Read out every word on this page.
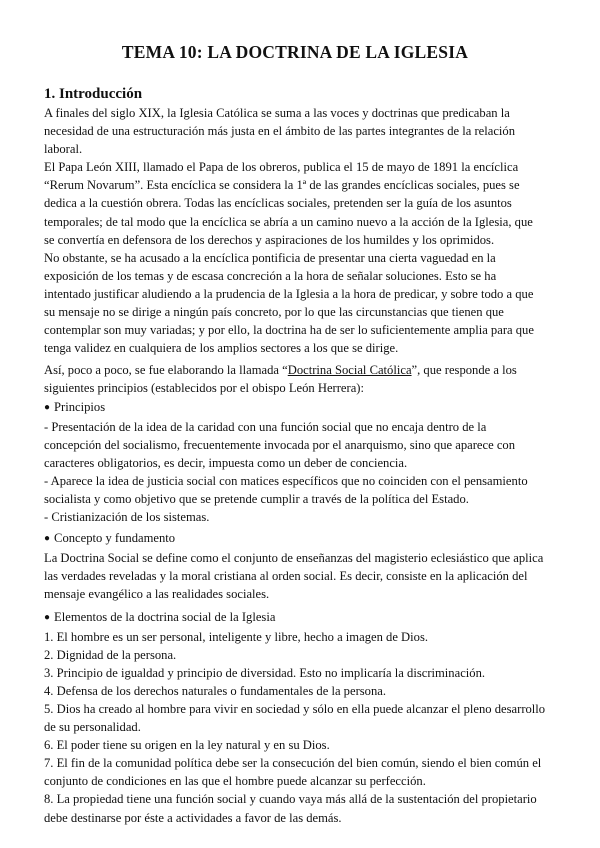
TEMA 10: LA DOCTRINA DE LA IGLESIA
1. Introducción

A finales del siglo XIX, la Iglesia Católica se suma a las voces y doctrinas que predicaban la necesidad de una estructuración más justa en el ámbito de las partes integrantes de la relación laboral.

El Papa León XIII, llamado el Papa de los obreros, publica el 15 de mayo de 1891 la encíclica “Rerum Novarum”. Esta encíclica se considera la 1ª de las grandes encíclicas sociales, pues se dedica a la cuestión obrera. Todas las encíclicas sociales, pretenden ser la guía de los asuntos temporales; de tal modo que la encíclica se abría a un camino nuevo a la acción de la Iglesia, que se convertía en defensora de los derechos y aspiraciones de los humildes y los oprimidos.

No obstante, se ha acusado a la encíclica pontificia de presentar una cierta vaguedad en la exposición de los temas y de escasa concreción a la hora de señalar soluciones. Esto se ha intentado justificar aludiendo a la prudencia de la Iglesia a la hora de predicar, y sobre todo a que su mensaje no se dirige a ningún país concreto, por lo que las circunstancias que tienen que contemplar son muy variadas; y por ello, la doctrina ha de ser lo suficientemente amplia para que tenga validez en cualquiera de los amplios sectores a los que se dirige.

Así, poco a poco, se fue elaborando la llamada “Doctrina Social Católica”, que responde a los siguientes principios (establecidos por el obispo León Herrera):

● Principios

- Presentación de la idea de la caridad con una función social que no encaja dentro de la concepción del socialismo, frecuentemente invocada por el anarquismo, sino que aparece con caracteres obligatorios, es decir, impuesta como un deber de conciencia.

- Aparece la idea de justicia social con matices específicos que no coinciden con el pensamiento socialista y como objetivo que se pretende cumplir a través de la política del Estado.

- Cristianización de los sistemas.

● Concepto y fundamento

La Doctrina Social se define como el conjunto de enseñanzas del magisterio eclesiástico que aplica las verdades reveladas y la moral cristiana al orden social. Es decir, consiste en la aplicación del mensaje evangélico a las realidades sociales.

● Elementos de la doctrina social de la Iglesia

1. El hombre es un ser personal, inteligente y libre, hecho a imagen de Dios.

2. Dignidad de la persona.

3. Principio de igualdad y principio de diversidad. Esto no implicaría la discriminación.

4. Defensa de los derechos naturales o fundamentales de la persona.

5. Dios ha creado al hombre para vivir en sociedad y sólo en ella puede alcanzar el pleno desarrollo de su personalidad.

6. El poder tiene su origen en la ley natural y en su Dios.

7. El fin de la comunidad política debe ser la consecución del bien común, siendo el bien común el conjunto de condiciones en las que el hombre puede alcanzar su perfección.

8. La propiedad tiene una función social y cuando vaya más allá de la sustentación del propietario debe destinarse por éste a actividades a favor de las demás.
